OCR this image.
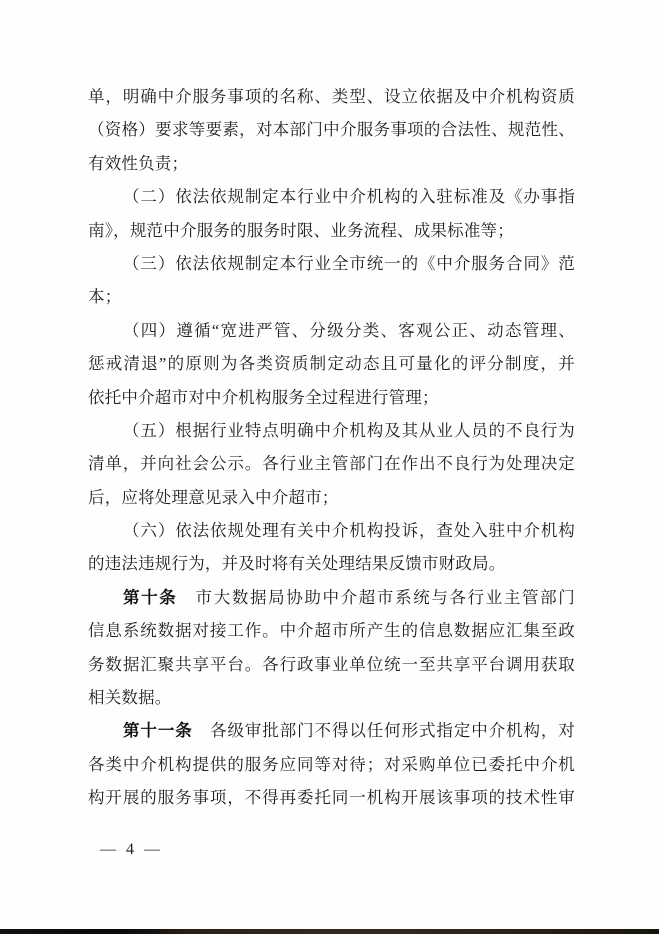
单，明确中介服务事项的名称、类型、设立依据及中介机构资质
（资格）要求等要素，对本部门中介服务事项的合法性、规范性、
有效性负责；
（二）依法依规制定本行业中介机构的入驻标准及《办事指
南》，规范中介服务的服务时限、业务流程、成果标准等；
（三）依法依规制定本行业全市统一的《中介服务合同》范
本；
（四）遵循“宽进严管、分级分类、客观公正、动态管理、
惩戒清退”的原则为各类资质制定动态且可量化的评分制度，并
依托中介超市对中介机构服务全过程进行管理；
（五）根据行业特点明确中介机构及其从业人员的不良行为
清单，并向社会公示。各行业主管部门在作出不良行为处理决定
后，应将处理意见录入中介超市；
（六）依法依规处理有关中介机构投诉，查处入驻中介机构
的违法违规行为，并及时将有关处理结果反馈市财政局。
第十条　市大数据局协助中介超市系统与各行业主管部门
信息系统数据对接工作。中介超市所产生的信息数据应汇集至政
务数据汇聚共享平台。各行政事业单位统一至共享平台调用获取
相关数据。
第十一条　各级审批部门不得以任何形式指定中介机构，对
各类中介机构提供的服务应同等对待；对采购单位已委托中介机
构开展的服务事项，不得再委托同一机构开展该事项的技术性审
— 4 —
